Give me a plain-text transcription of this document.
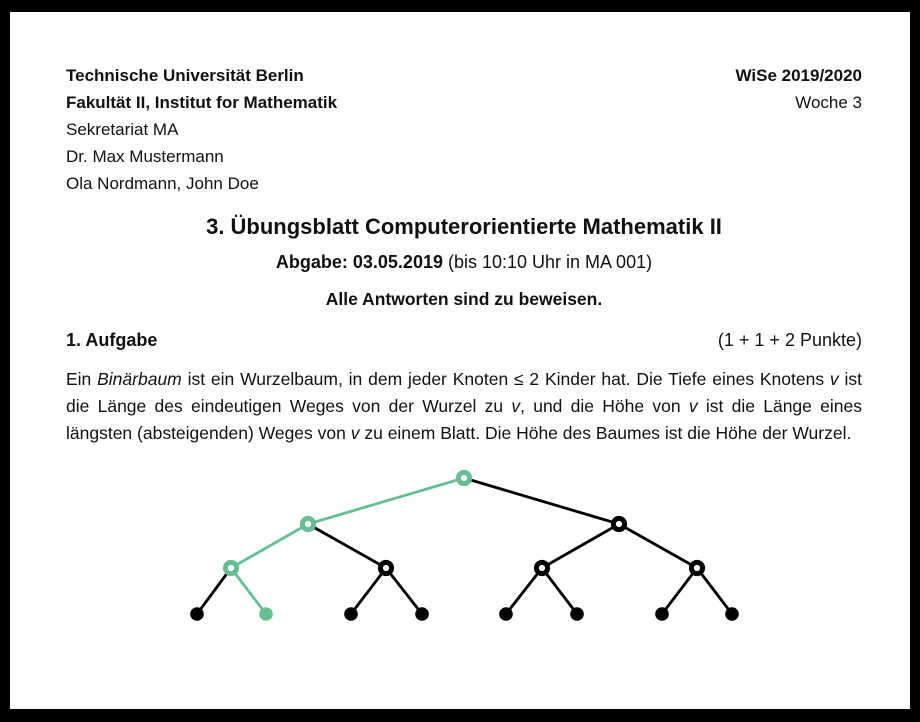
Technische Universität Berlin
Fakultät II, Institut for Mathematik
Sekretariat MA
Dr. Max Mustermann
Ola Nordmann, John Doe
WiSe 2019/2020
Woche 3
3. Übungsblatt Computerorientierte Mathematik II
Abgabe: 03.05.2019 (bis 10:10 Uhr in MA 001)
Alle Antworten sind zu beweisen.
1. Aufgabe	(1 + 1 + 2 Punkte)
Ein Binärbaum ist ein Wurzelbaum, in dem jeder Knoten ≤ 2 Kinder hat. Die Tiefe eines Knotens v ist die Länge des eindeutigen Weges von der Wurzel zu v, und die Höhe von v ist die Länge eines längsten (absteigenden) Weges von v zu einem Blatt. Die Höhe des Baumes ist die Höhe der Wurzel.
